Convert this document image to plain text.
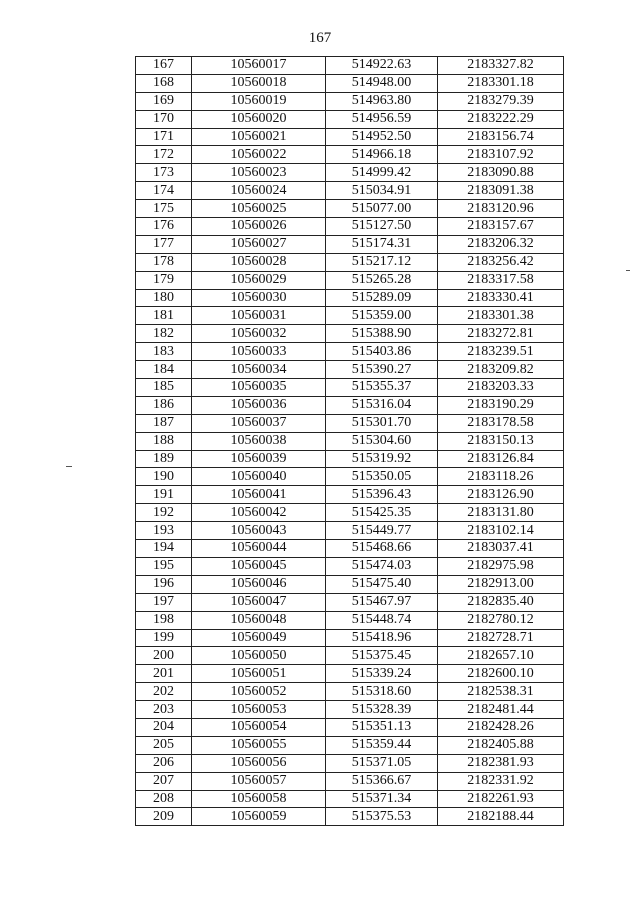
167
167	10560017	514922.63	2183327.82
168	10560018	514948.00	2183301.18
169	10560019	514963.80	2183279.39
170	10560020	514956.59	2183222.29
171	10560021	514952.50	2183156.74
172	10560022	514966.18	2183107.92
173	10560023	514999.42	2183090.88
174	10560024	515034.91	2183091.38
175	10560025	515077.00	2183120.96
176	10560026	515127.50	2183157.67
177	10560027	515174.31	2183206.32
178	10560028	515217.12	2183256.42
179	10560029	515265.28	2183317.58
180	10560030	515289.09	2183330.41
181	10560031	515359.00	2183301.38
182	10560032	515388.90	2183272.81
183	10560033	515403.86	2183239.51
184	10560034	515390.27	2183209.82
185	10560035	515355.37	2183203.33
186	10560036	515316.04	2183190.29
187	10560037	515301.70	2183178.58
188	10560038	515304.60	2183150.13
189	10560039	515319.92	2183126.84
190	10560040	515350.05	2183118.26
191	10560041	515396.43	2183126.90
192	10560042	515425.35	2183131.80
193	10560043	515449.77	2183102.14
194	10560044	515468.66	2183037.41
195	10560045	515474.03	2182975.98
196	10560046	515475.40	2182913.00
197	10560047	515467.97	2182835.40
198	10560048	515448.74	2182780.12
199	10560049	515418.96	2182728.71
200	10560050	515375.45	2182657.10
201	10560051	515339.24	2182600.10
202	10560052	515318.60	2182538.31
203	10560053	515328.39	2182481.44
204	10560054	515351.13	2182428.26
205	10560055	515359.44	2182405.88
206	10560056	515371.05	2182381.93
207	10560057	515366.67	2182331.92
208	10560058	515371.34	2182261.93
209	10560059	515375.53	2182188.44
